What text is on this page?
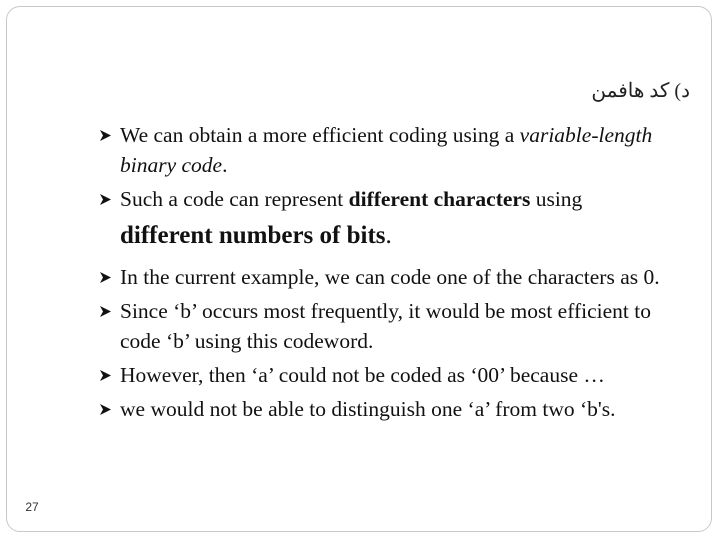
د) کد هافمن
We can obtain a more efficient coding using a variable-length binary code.
Such a code can represent different characters using
different numbers of bits.
In the current example, we can code one of the characters as 0.
Since ‘b’ occurs most frequently, it would be most efficient to code ‘b’ using this codeword.
However, then ‘a’ could not be coded as ‘00’ because …
we would not be able to distinguish one ‘a’ from two ‘b's.
27
